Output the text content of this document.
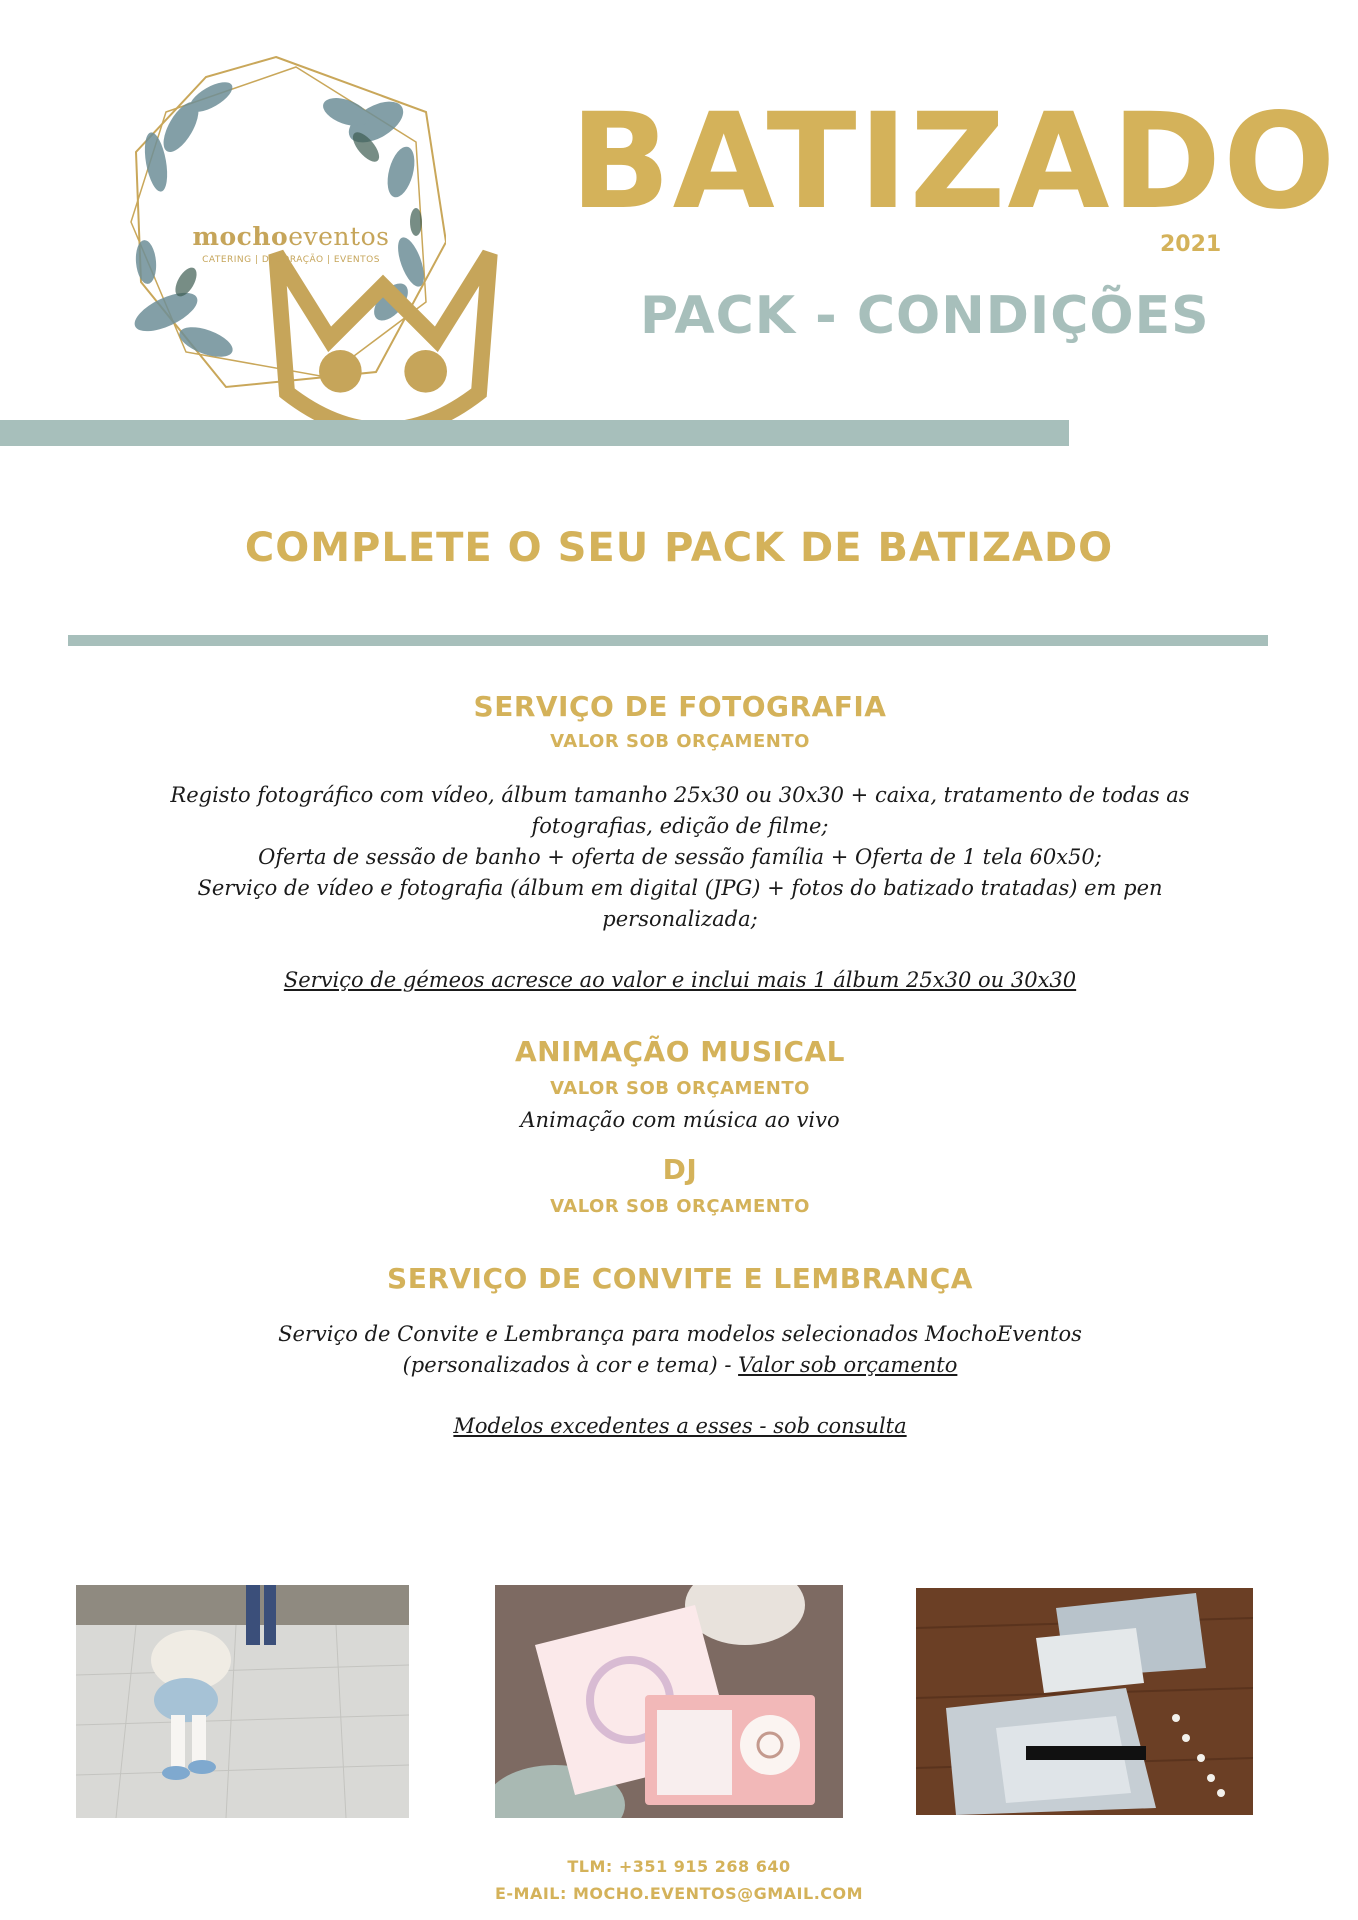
mochoeventos
CATERING | DECORAÇÃO | EVENTOS
BATIZADO
2021
PACK - CONDIÇÕES
COMPLETE O SEU PACK DE BATIZADO

SERVIÇO DE FOTOGRAFIA

VALOR SOB ORÇAMENTO

Registo fotográfico com vídeo, álbum tamanho 25x30 ou 30x30 + caixa, tratamento de todas as

fotografias, edição de filme;

Oferta de sessão de banho + oferta de sessão família + Oferta de 1 tela 60x50;

Serviço de vídeo e fotografia (álbum em digital (JPG) + fotos do batizado tratadas) em pen

personalizada;

Serviço de gémeos acresce ao valor e inclui mais 1 álbum 25x30 ou 30x30

ANIMAÇÃO MUSICAL

VALOR SOB ORÇAMENTO

Animação com música ao vivo

DJ

VALOR SOB ORÇAMENTO

SERVIÇO DE CONVITE E LEMBRANÇA

Serviço de Convite e Lembrança para modelos selecionados MochoEventos

(personalizados à cor e tema) - Valor sob orçamento

Modelos excedentes a esses - sob consulta

TLM: +351 915 268 640

E-MAIL: MOCHO.EVENTOS@GMAIL.COM
